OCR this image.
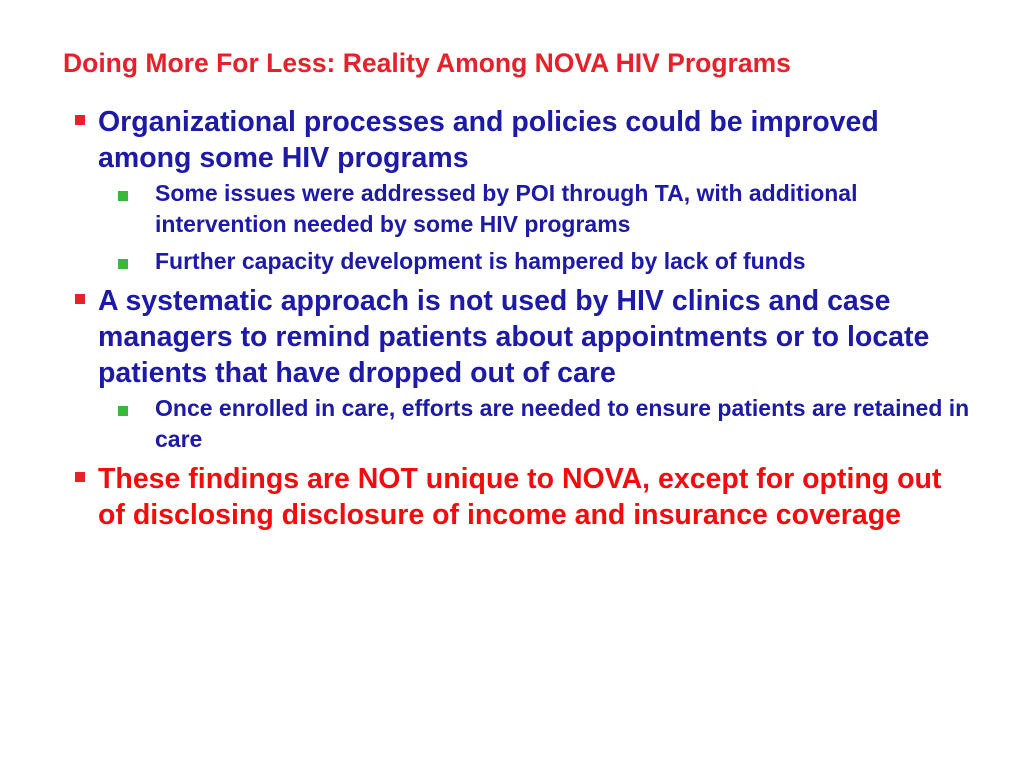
Doing More For Less: Reality Among NOVA HIV Programs
Organizational processes and policies could be improved among some HIV programs
Some issues were addressed by POI through TA, with additional intervention needed by some HIV programs
Further capacity development is hampered by lack of funds
A systematic approach is not used by HIV clinics and case managers to remind patients about appointments or to locate patients that have dropped out of care
Once enrolled in care, efforts are needed to ensure patients are retained in care
These findings are NOT unique to NOVA, except for opting out of disclosing disclosure of income and insurance coverage
